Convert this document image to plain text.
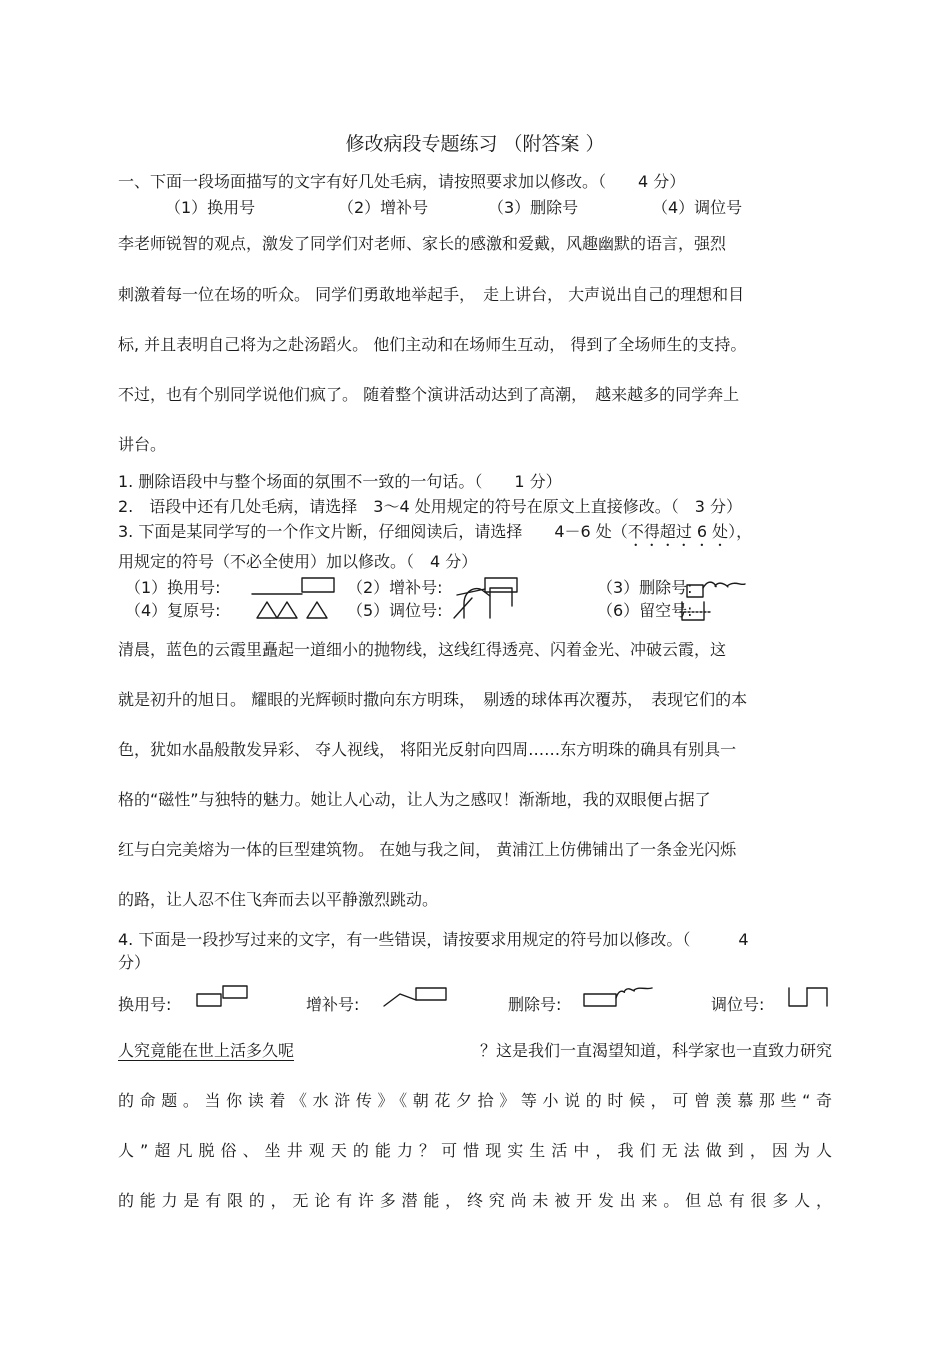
修改病段专题练习 （附答案 ）
一、下面一段场面描写的文字有好几处毛病，请按照要求加以修改。（　　4 分）
（1）换用号	（2）增补号	（3）删除号	（4）调位号
李老师锐智的观点，激发了同学们对老师、家长的感激和爱戴，风趣幽默的语言，强烈
刺激着每一位在场的听众。 同学们勇敢地举起手，　走上讲台， 大声说出自己的理想和目
标, 并且表明自己将为之赴汤蹈火。 他们主动和在场师生互动， 得到了全场师生的支持。
不过，也有个别同学说他们疯了。 随着整个演讲活动达到了高潮，　越来越多的同学奔上
讲台。
1. 删除语段中与整个场面的氛围不一致的一句话。（　　1 分）
2.　语段中还有几处毛病，请选择　3～4 处用规定的符号在原文上直接修改。（　3 分）
3. 下面是某同学写的一个作文片断，仔细阅读后，请选择　　4－6 处（不得超过 6 处），
用规定的符号（不必全使用）加以修改。（　4 分）
（1）换用号:	（2）增补号:	（3）删除号:
（4）复原号:	（5）调位号:	（6）留空号:
清晨，蓝色的云霞里矗起一道细小的抛物线，这线红得透亮、闪着金光、冲破云霞，这
就是初升的旭日。 耀眼的光辉顿时撒向东方明珠，　剔透的球体再次覆苏，　表现它们的本
色，犹如水晶般散发异彩、 夺人视线， 将阳光反射向四周……东方明珠的确具有别具一
格的“磁性”与独特的魅力。她让人心动，让人为之感叹！渐渐地，我的双眼便占据了
红与白完美熔为一体的巨型建筑物。 在她与我之间， 黄浦江上仿佛铺出了一条金光闪烁
的路，让人忍不住飞奔而去以平静激烈跳动。
4. 下面是一段抄写过来的文字，有一些错误，请按要求用规定的符号加以修改。（　　　4
分）
换用号:	增补号:	删除号:	调位号:
人究竟能在世上活多久呢	？这是我们一直渴望知道，科学家也一直致力研究
的命题。当你读着《水浒传》《朝花夕拾》等小说的时候，可曾羡慕那些“奇
人”超凡脱俗、坐井观天的能力？可惜现实生活中，我们无法做到，因为人
的能力是有限的，无论有许多潜能，终究尚未被开发出来。但总有很多人，
